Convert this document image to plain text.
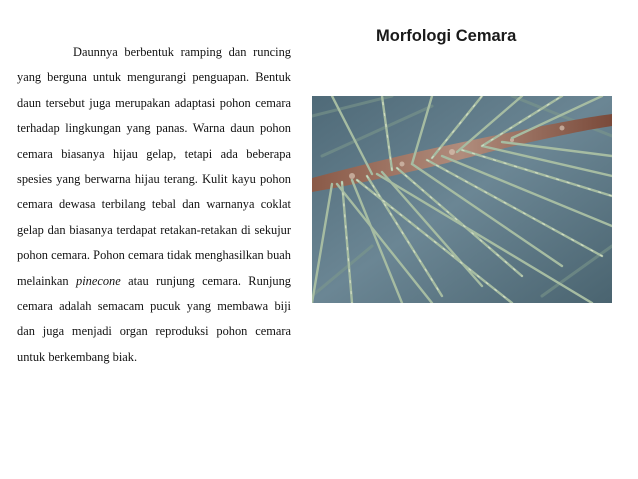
Morfologi Cemara

Daunnya berbentuk ramping dan runcing yang berguna untuk mengurangi penguapan. Bentuk daun tersebut juga merupakan adaptasi pohon cemara terhadap lingkungan yang panas. Warna daun pohon cemara biasanya hijau gelap, tetapi ada beberapa spesies yang berwarna hijau terang. Kulit kayu pohon cemara dewasa terbilang tebal dan warnanya coklat gelap dan biasanya terdapat retakan-retakan di sekujur pohon cemara. Pohon cemara tidak menghasilkan buah melainkan pinecone atau runjung cemara. Runjung cemara adalah semacam pucuk yang membawa biji dan juga menjadi organ reproduksi pohon cemara untuk berkembang biak.
